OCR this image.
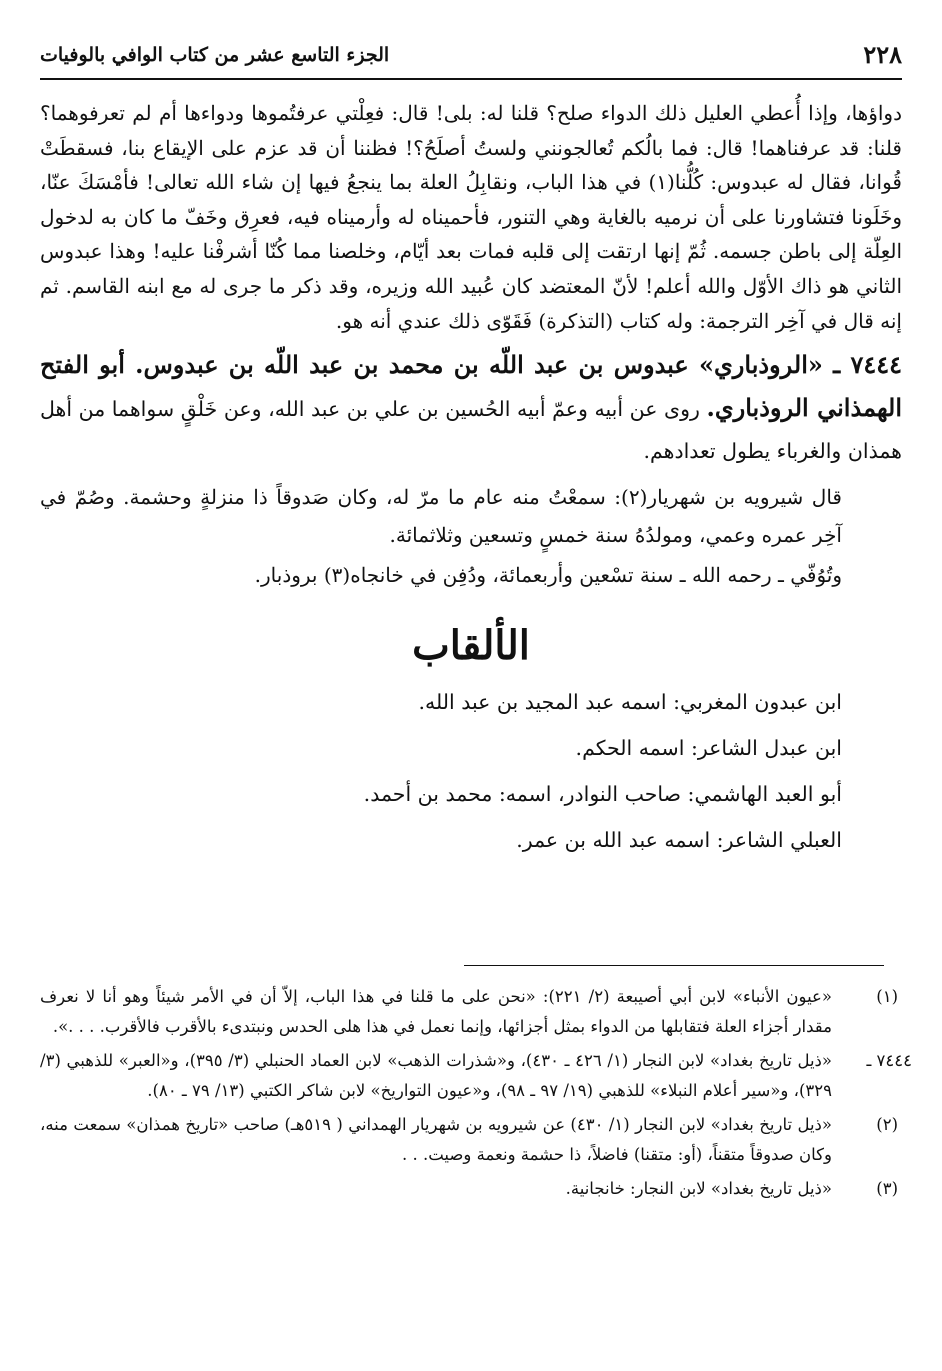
٢٢٨
الجزء التاسع عشر من كتاب الوافي بالوفيات

دواؤها، وإذا أُعطي العليل ذلك الدواء صلح؟ قلنا له: بلى! قال: فعِلْتي عرفتُموها ودواءها أم لم تعرفوهما؟ قلنا: قد عرفناهما! قال: فما بالُكم تُعالجونني ولستُ أصلَحُ؟! فظننا أن قد عزم على الإيقاع بنا، فسقطَتْ قُوانا، فقال له عبدوس: كُلُّنا(١) في هذا الباب، ونقابِلُ العلة بما ينجعُ فيها إن شاء الله تعالى! فأمْسَكَ عنّا، وخَلَونا فتشاورنا على أن نرميه بالغاية وهي التنور، فأحميناه له وأرميناه فيه، فعرِق وخَفّ ما كان به لدخول العِلّة إلى باطن جسمه. ثُمّ إنها ارتقت إلى قلبه فمات بعد أيّام، وخلصنا مما كُنّا أشرفْنا عليه! وهذا عبدوس الثاني هو ذاك الأوّل والله أعلم! لأنّ المعتضد كان عُبيد الله وزيره، وقد ذكر ما جرى له مع ابنه القاسم. ثم إنه قال في آخِر الترجمة: وله كتاب (التذكرة) فَقَوّى ذلك عندي أنه هو.

٧٤٤٤ ـ «الروذباري» عبدوس بن عبد اللّه بن محمد بن عبد اللّه بن عبدوس. أبو الفتح الهمذاني الروذباري. روى عن أبيه وعمّ أبيه الحُسين بن علي بن عبد الله، وعن خَلْقٍ سواهما من أهل همذان والغرباء يطول تعدادهم.

قال شيرويه بن شهريار(٢): سمعْتُ منه عام ما مرّ له، وكان صَدوقاً ذا منزلةٍ وحشمة. وصُمّ في آخِر عمره وعمي، ومولدُهُ سنة خمسٍ وتسعين وثلاثمائة.

وتُوُفّي ـ رحمه الله ـ سنة تسْعين وأربعمائة، ودُفِن في خانجاه(٣) بروذبار.

الألقاب
ابن عبدون المغربي: اسمه عبد المجيد بن عبد الله.
ابن عبدل الشاعر: اسمه الحكم.
أبو العبد الهاشمي: صاحب النوادر، اسمه: محمد بن أحمد.
العبلي الشاعر: اسمه عبد الله بن عمر.
(١)
«عيون الأنباء» لابن أبي أصيبعة (٢/ ٢٢١): «نحن على ما قلنا في هذا الباب، إلاّ أن في الأمر شيئاً وهو أنا لا نعرف مقدار أجزاء العلة فتقابلها من الدواء بمثل أجزائها، وإنما نعمل في هذا هلى الحدس ونبتدىء بالأقرب فالأقرب. . . .».
٧٤٤٤ ـ
«ذيل تاريخ بغداد» لابن النجار (١/ ٤٢٦ ـ ٤٣٠)، و«شذرات الذهب» لابن العماد الحنبلي (٣/ ٣٩٥)، و«العبر» للذهبي (٣/ ٣٢٩)، و«سير أعلام النبلاء» للذهبي (١٩/ ٩٧ ـ ٩٨)، و«عيون التواريخ» لابن شاكر الكتبي (١٣/ ٧٩ ـ ٨٠).
(٢)
«ذيل تاريخ بغداد» لابن النجار (١/ ٤٣٠) عن شيرويه بن شهريار الهمداني ( ٥١٩هـ) صاحب «تاريخ همذان» سمعت منه، وكان صدوقاً متقناً، (أو: متقنا) فاضلاً، ذا حشمة ونعمة وصيت. . .
(٣)
«ذيل تاريخ بغداد» لابن النجار: خانجانية.
